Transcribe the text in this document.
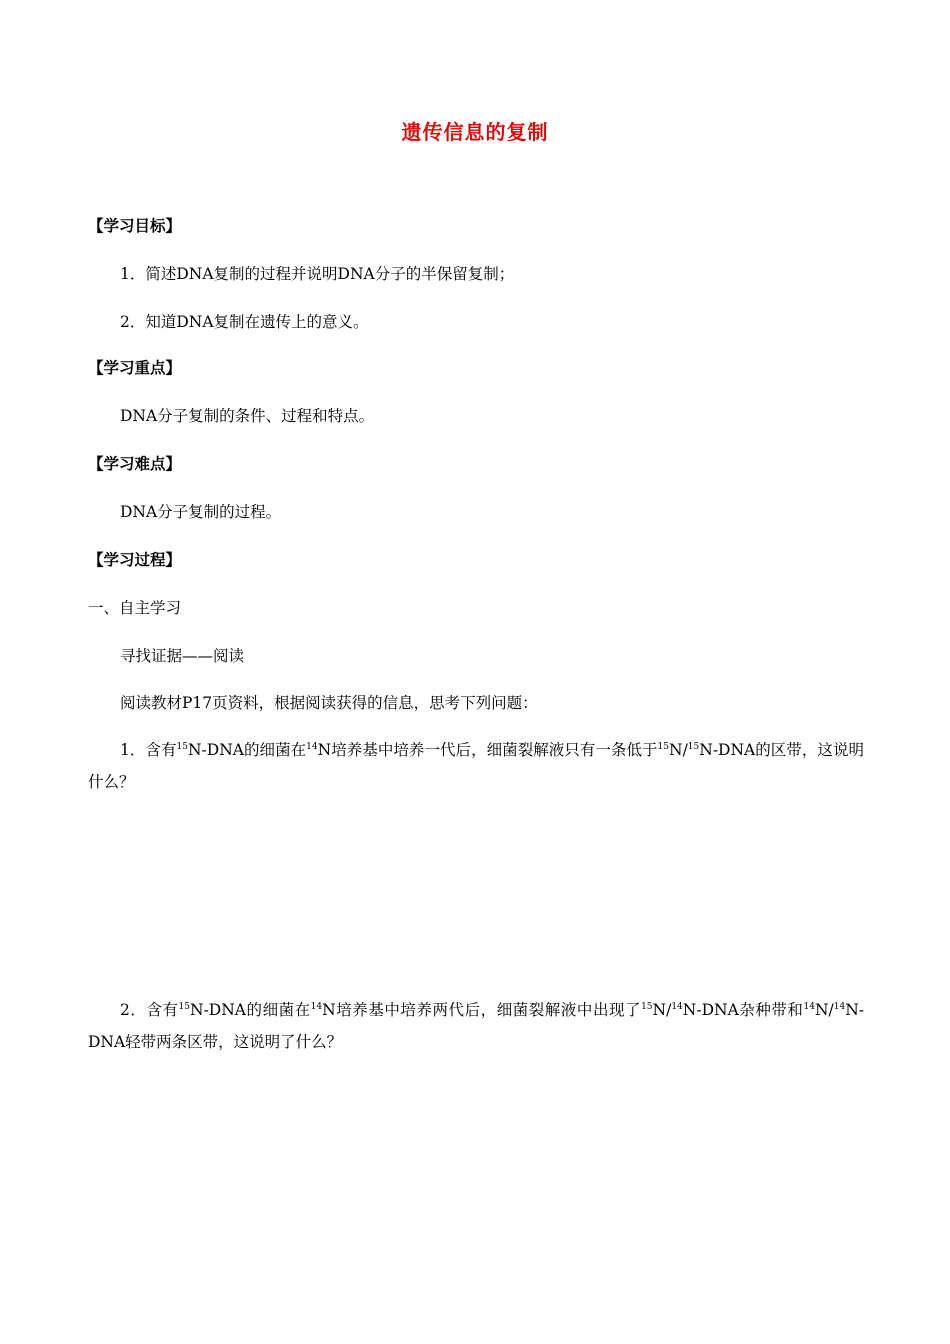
遗传信息的复制
【学习目标】
1．简述DNA复制的过程并说明DNA分子的半保留复制；
2．知道DNA复制在遗传上的意义。
【学习重点】
DNA分子复制的条件、过程和特点。
【学习难点】
DNA分子复制的过程。
【学习过程】
一、自主学习
寻找证据——阅读
阅读教材P17页资料，根据阅读获得的信息，思考下列问题：
1．含有$^{15}$N-DNA的细菌在$^{14}$N培养基中培养一代后，细菌裂解液只有一条低于$^{15}$N/$^{15}$N-DNA的区带，这说明什么？
2．含有$^{15}$N-DNA的细菌在$^{14}$N培养基中培养两代后，细菌裂解液中出现了$^{15}$N/$^{14}$N-DNA杂种带和$^{14}$N/$^{14}$N-DNA轻带两条区带，这说明了什么？
